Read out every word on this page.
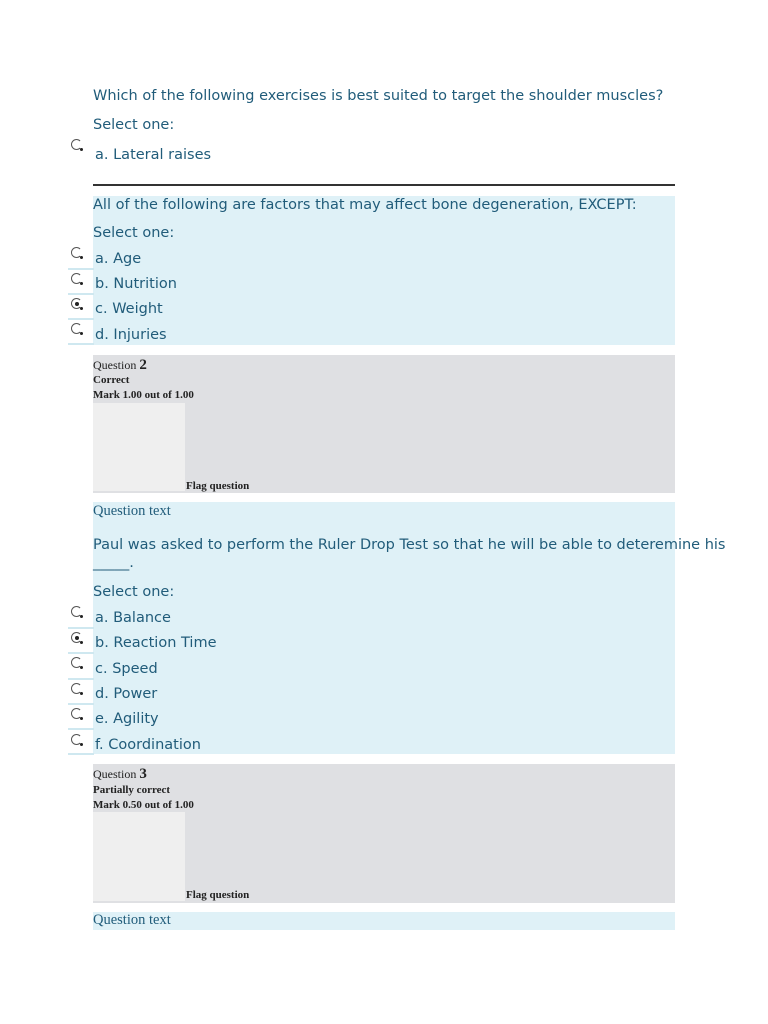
Which of the following exercises is best suited to target the shoulder muscles?
Select one:
a. Lateral raises
All of the following are factors that may affect bone degeneration, EXCEPT:
Select one:
a. Age
b. Nutrition
c. Weight
d. Injuries
Question 2
Correct
Mark 1.00 out of 1.00
Flag question
Question text
Paul was asked to perform the Ruler Drop Test so that he will be able to deteremine his
_____.
Select one:
a. Balance
b. Reaction Time
c. Speed
d. Power
e. Agility
f. Coordination
Question 3
Partially correct
Mark 0.50 out of 1.00
Flag question
Question text
